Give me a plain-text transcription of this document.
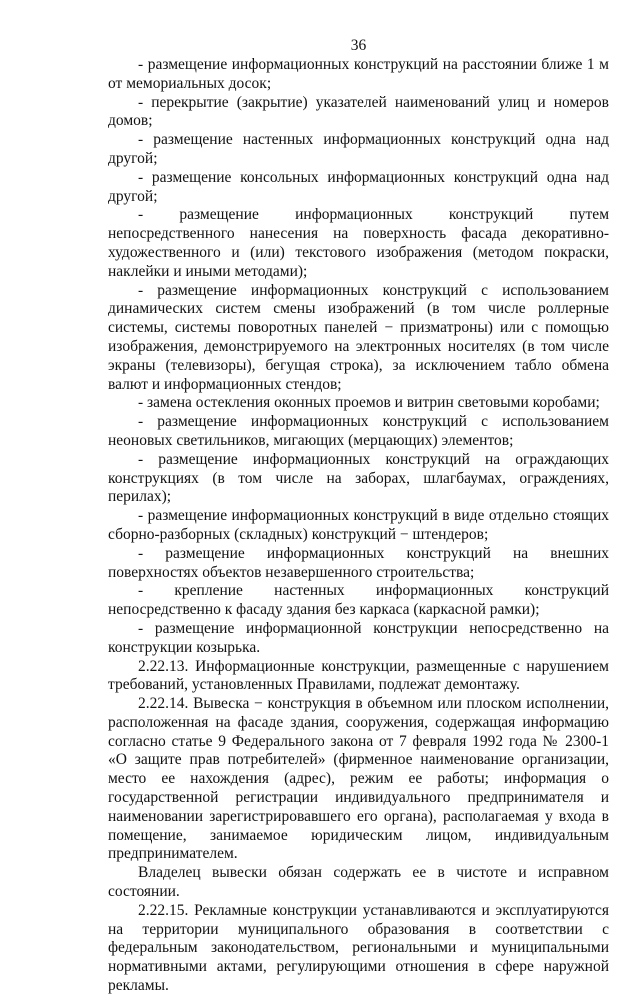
36

- размещение информационных конструкций на расстоянии ближе 1 м от мемориальных досок;

- перекрытие (закрытие) указателей наименований улиц и номеров домов;

- размещение настенных информационных конструкций одна над другой;

- размещение консольных информационных конструкций одна над другой;

- размещение информационных конструкций путем непосредственного нанесения на поверхность фасада декоративно-художественного и (или) текстового изображения (методом покраски, наклейки и иными методами);

- размещение информационных конструкций с использованием динамических систем смены изображений (в том числе роллерные системы, системы поворотных панелей − призматроны) или с помощью изображения, демонстрируемого на электронных носителях (в том числе экраны (телевизоры), бегущая строка), за исключением табло обмена валют и информационных стендов;

- замена остекления оконных проемов и витрин световыми коробами;

- размещение информационных конструкций с использованием неоновых светильников, мигающих (мерцающих) элементов;

- размещение информационных конструкций на ограждающих конструкциях (в том числе на заборах, шлагбаумах, ограждениях, перилах);

- размещение информационных конструкций в виде отдельно стоящих сборно-разборных (складных) конструкций − штендеров;

- размещение информационных конструкций на внешних поверхностях объектов незавершенного строительства;

- крепление настенных информационных конструкций непосредственно к фасаду здания без каркаса (каркасной рамки);

- размещение информационной конструкции непосредственно на конструкции козырька.

2.22.13. Информационные конструкции, размещенные с нарушением требований, установленных Правилами, подлежат демонтажу.

2.22.14. Вывеска − конструкция в объемном или плоском исполнении, расположенная на фасаде здания, сооружения, содержащая информацию согласно статье 9 Федерального закона от 7 февраля 1992 года № 2300-1 «О защите прав потребителей» (фирменное наименование организации, место ее нахождения (адрес), режим ее работы; информация о государственной регистрации индивидуального предпринимателя и наименовании зарегистрировавшего его органа), располагаемая у входа в помещение, занимаемое юридическим лицом, индивидуальным предпринимателем.

Владелец вывески обязан содержать ее в чистоте и исправном состоянии.

2.22.15. Рекламные конструкции устанавливаются и эксплуатируются на территории муниципального образования в соответствии с федеральным законодательством, региональными и муниципальными нормативными актами, регулирующими отношения в сфере наружной рекламы.
